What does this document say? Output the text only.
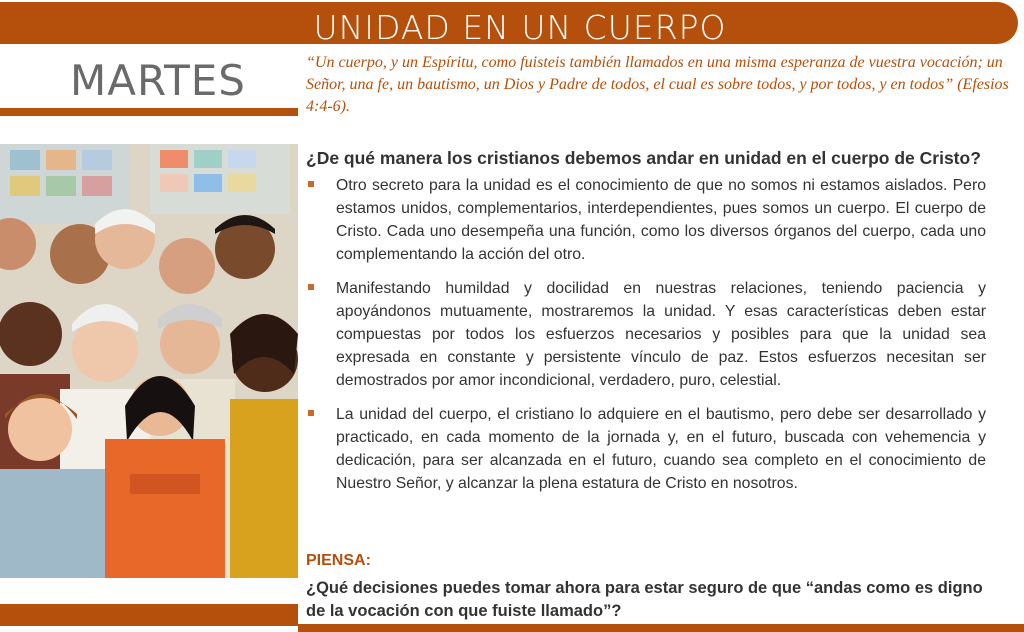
UNIDAD EN UN CUERPO
MARTES	“Un cuerpo, y un Espíritu, como fuisteis también llamados en una misma esperanza de vuestra vocación; un Señor, una fe, un bautismo, un Dios y Padre de todos, el cual es sobre todos, y por todos, y en todos” (Efesios 4:4-6).
¿De qué manera los cristianos debemos andar en unidad en el cuerpo de Cristo?
Otro secreto para la unidad es el conocimiento de que no somos ni estamos aislados. Pero estamos unidos, complementarios, interdependientes, pues somos un cuerpo. El cuerpo de Cristo. Cada uno desempeña una función, como los diversos órganos del cuerpo, cada uno complementando la acción del otro.
Manifestando humildad y docilidad en nuestras relaciones, teniendo paciencia y apoyándonos mutuamente, mostraremos la unidad. Y esas características deben estar compuestas por todos los esfuerzos necesarios y posibles para que la unidad sea expresada en constante y persistente vínculo de paz. Estos esfuerzos necesitan ser demostrados por amor incondicional, verdadero, puro, celestial.
La unidad del cuerpo, el cristiano lo adquiere en el bautismo, pero debe ser desarrollado y practicado, en cada momento de la jornada y, en el futuro, buscada con vehemencia y dedicación, para ser alcanzada en el futuro, cuando sea completo en el conocimiento de Nuestro Señor, y alcanzar la plena estatura de Cristo en nosotros.
PIENSA:
¿Qué decisiones puedes tomar ahora para estar seguro de que “andas como es digno de la vocación con que fuiste llamado”?
